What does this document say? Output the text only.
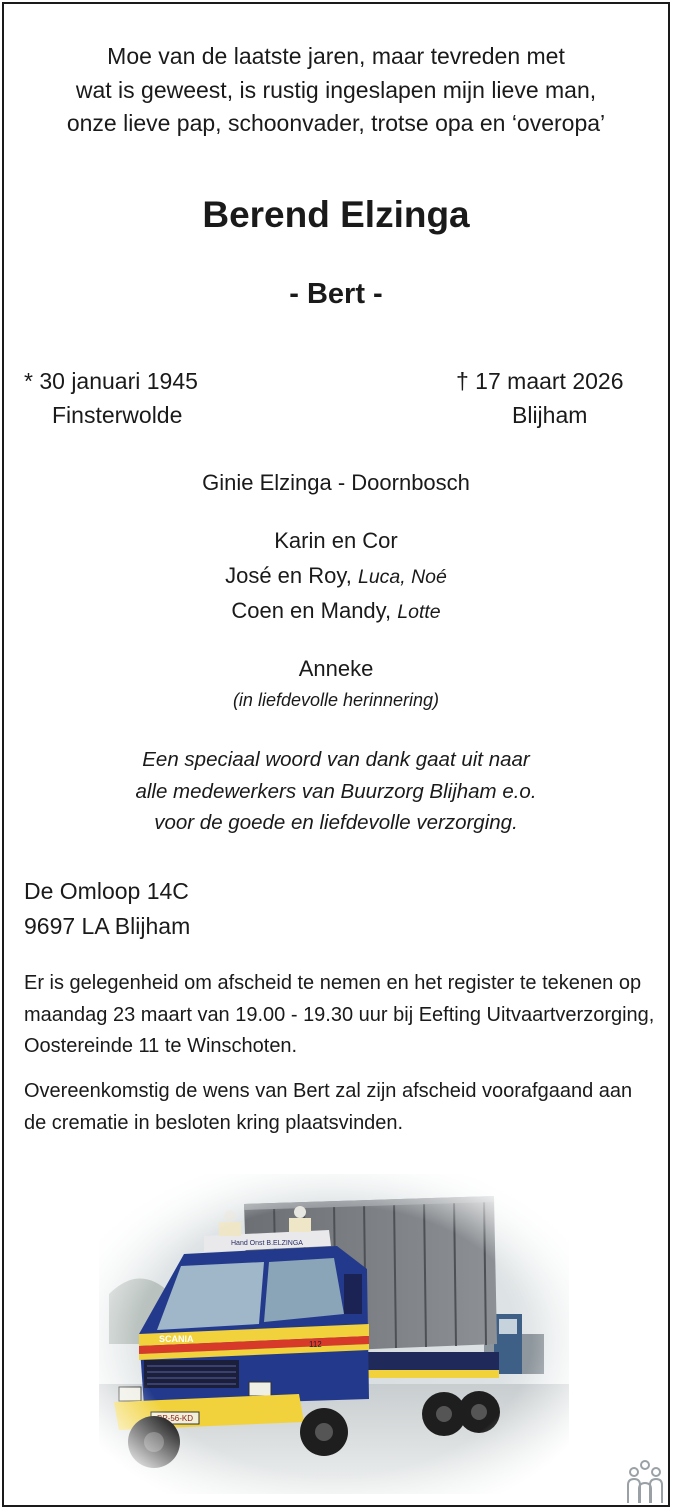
Moe van de laatste jaren, maar tevreden met
wat is geweest, is rustig ingeslapen mijn lieve man,
onze lieve pap, schoonvader, trotse opa en ‘overopa’
Berend Elzinga
- Bert -
* 30 januari 1945
Finsterwolde
† 17 maart 2026
Blijham
Ginie Elzinga - Doornbosch
Karin en Cor
José en Roy, Luca, Noé
Coen en Mandy, Lotte
Anneke
(in liefdevolle herinnering)
Een speciaal woord van dank gaat uit naar
alle medewerkers van Buurzorg Blijham e.o.
voor de goede en liefdevolle verzorging.
De Omloop 14C
9697 LA Blijham
Er is gelegenheid om afscheid te nemen en het register te tekenen op maandag 23 maart van 19.00 - 19.30 uur bij Eefting Uitvaartverzorging, Oostereinde 11 te Winschoten.
Overeenkomstig de wens van Bert zal zijn afscheid voorafgaand aan de crematie in besloten kring plaatsvinden.
